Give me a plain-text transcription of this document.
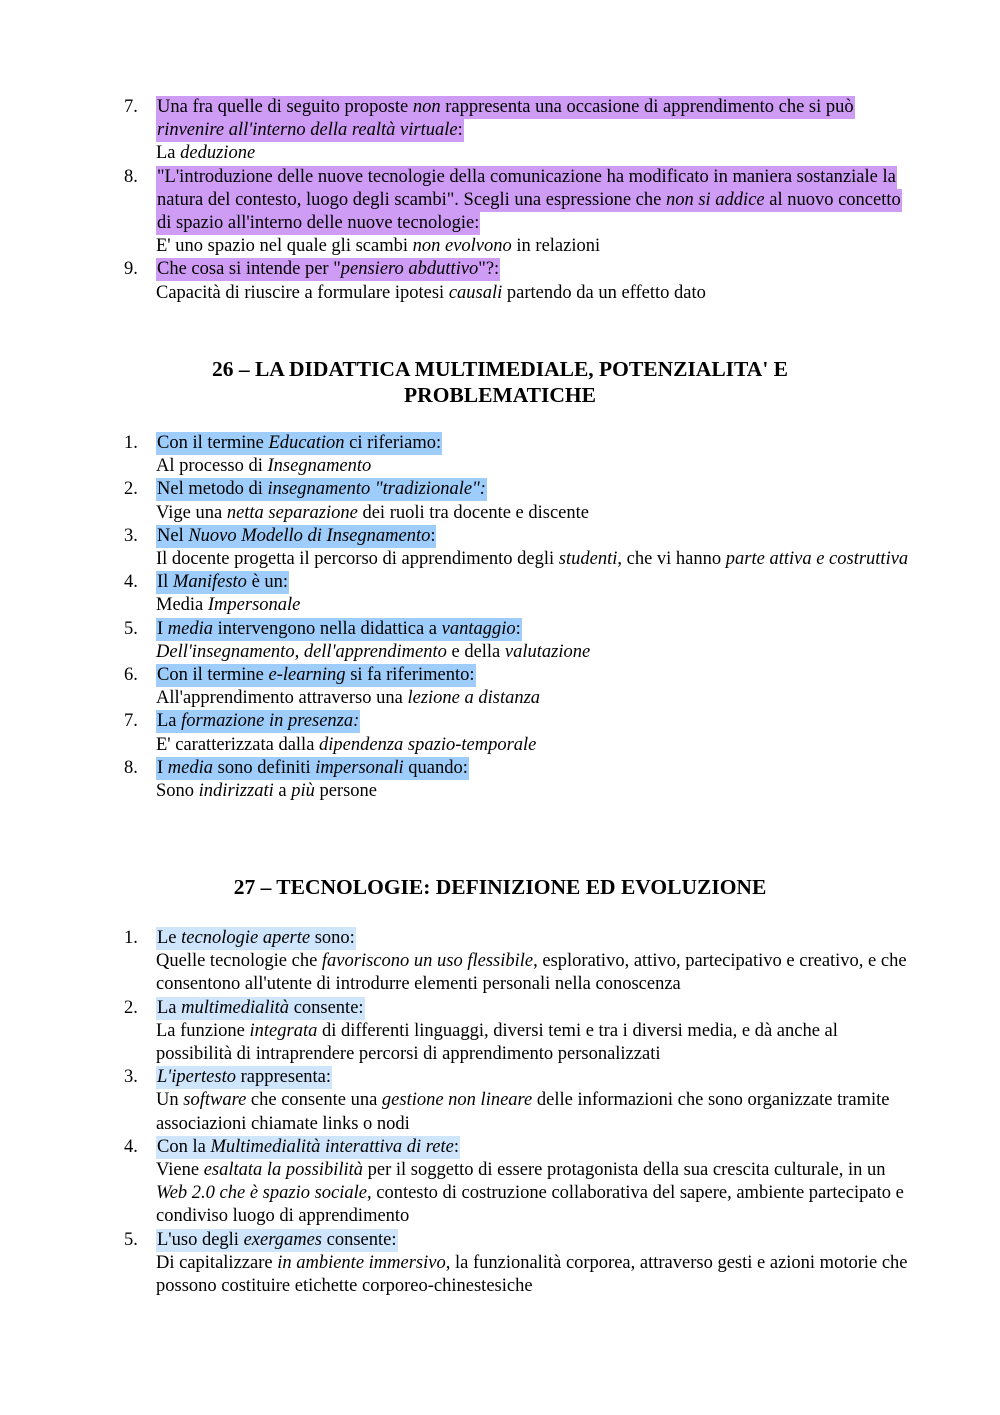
7.	Una fra quelle di seguito proposte non rappresenta una occasione di apprendimento che si può rinvenire all'interno della realtà virtuale:
La deduzione
8.	"L'introduzione delle nuove tecnologie della comunicazione ha modificato in maniera sostanziale la natura del contesto, luogo degli scambi". Scegli una espressione che non si addice al nuovo concetto di spazio all'interno delle nuove tecnologie:
E' uno spazio nel quale gli scambi non evolvono in relazioni
9.	Che cosa si intende per "pensiero abduttivo"?:
Capacità di riuscire a formulare ipotesi causali partendo da un effetto dato
26 – LA DIDATTICA MULTIMEDIALE, POTENZIALITA' E PROBLEMATICHE
1.	Con il termine Education ci riferiamo:
Al processo di Insegnamento
2.	Nel metodo di insegnamento "tradizionale":
Vige una netta separazione dei ruoli tra docente e discente
3.	Nel Nuovo Modello di Insegnamento:
Il docente progetta il percorso di apprendimento degli studenti, che vi hanno parte attiva e costruttiva
4.	Il Manifesto è un:
Media Impersonale
5.	I media intervengono nella didattica a vantaggio:
Dell'insegnamento, dell'apprendimento e della valutazione
6.	Con il termine e-learning si fa riferimento:
All'apprendimento attraverso una lezione a distanza
7.	La formazione in presenza:
E' caratterizzata dalla dipendenza spazio-temporale
8.	I media sono definiti impersonali quando:
Sono indirizzati a più persone
27 – TECNOLOGIE: DEFINIZIONE ED EVOLUZIONE
1.	Le tecnologie aperte sono:
Quelle tecnologie che favoriscono un uso flessibile, esplorativo, attivo, partecipativo e creativo, e che consentono all'utente di introdurre elementi personali nella conoscenza
2.	La multimedialità consente:
La funzione integrata di differenti linguaggi, diversi temi e tra i diversi media, e dà anche al possibilità di intraprendere percorsi di apprendimento personalizzati
3.	L'ipertesto rappresenta:
Un software che consente una gestione non lineare delle informazioni che sono organizzate tramite associazioni chiamate links o nodi
4.	Con la Multimedialità interattiva di rete:
Viene esaltata la possibilità per il soggetto di essere protagonista della sua crescita culturale, in un Web 2.0 che è spazio sociale, contesto di costruzione collaborativa del sapere, ambiente partecipato e condiviso luogo di apprendimento
5.	L'uso degli exergames consente:
Di capitalizzare in ambiente immersivo, la funzionalità corporea, attraverso gesti e azioni motorie che possono costituire etichette corporeo-chinestesiche
